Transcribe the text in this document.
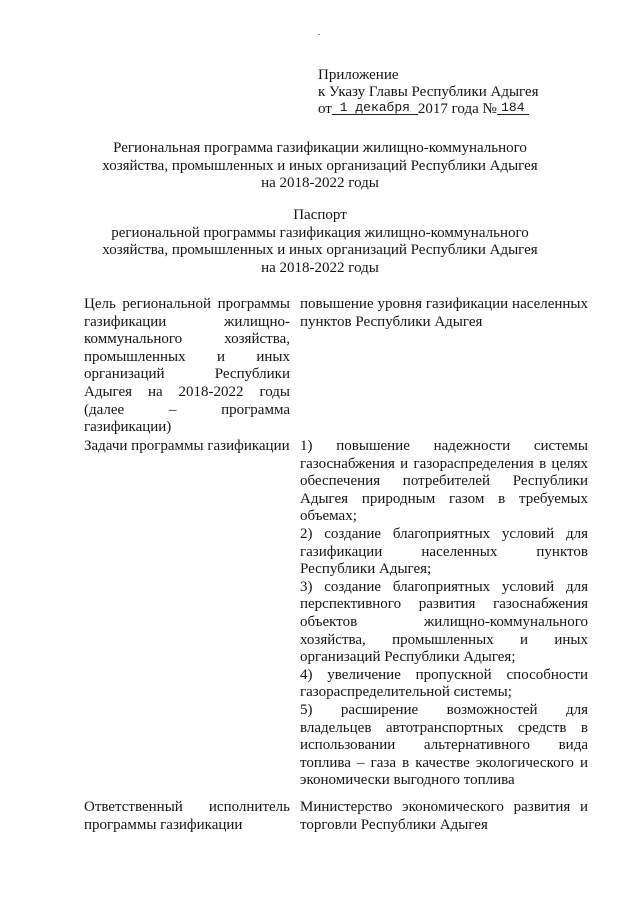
Приложение
к Указу Главы Республики Адыгея
от 1 декабря 2017 года № 184
Региональная программа газификации жилищно-коммунального
хозяйства, промышленных и иных организаций Республики Адыгея
на 2018-2022 годы
Паспорт
региональной программы газификация жилищно-коммунального
хозяйства, промышленных и иных организаций Республики Адыгея
на 2018-2022 годы
Цель региональной программы газификации жилищно-коммунального хозяйства, промышленных и иных организаций Республики Адыгея на 2018-2022 годы (далее – программа газификации)
повышение уровня газификации населенных пунктов Республики Адыгея
Задачи программы газификации 1) повышение надежности системы газоснабжения и газораспределения в целях обеспечения потребителей Республики Адыгея природным газом в требуемых объемах;

2) создание благоприятных условий для газификации населенных пунктов Республики Адыгея;

3) создание благоприятных условий для перспективного развития газоснабжения объектов жилищно-коммунального хозяйства, промышленных и иных организаций Республики Адыгея;

4) увеличение пропускной способности газораспределительной системы;

5) расширение возможностей для владельцев автотранспортных средств в использовании альтернативного вида топлива – газа в качестве экологического и экономически выгодного топлива

Ответственный исполнитель программы газификации
Министерство экономического развития и торговли Республики Адыгея
